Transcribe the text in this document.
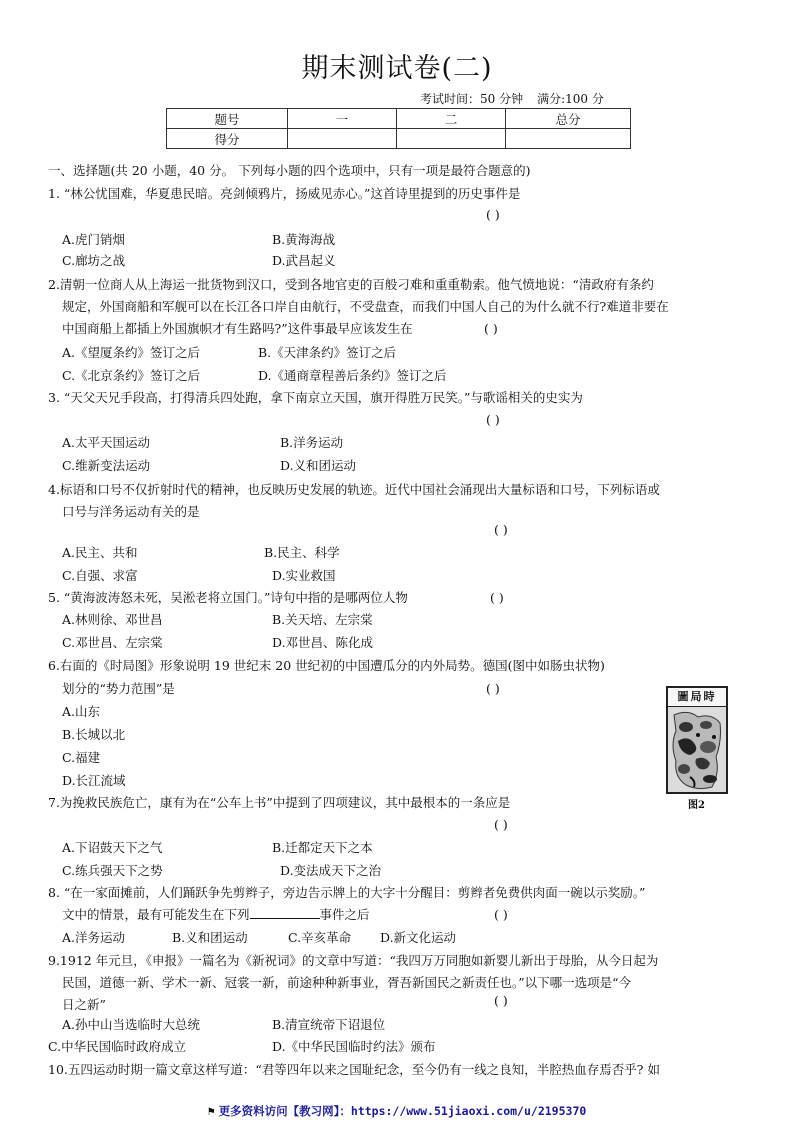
期末测试卷(二)
考试时间：50 分钟 满分:100 分
题号	一	二	总分
得分			
一、选择题(共 20 小题，40 分。 下列每小题的四个选项中，只有一项是最符合题意的)
1. “林公忧国难，华夏患民暗。亮剑倾鸦片，扬威见赤心。”这首诗里提到的历史事件是
( )
A.虎门销烟	B.黄海海战
C.廊坊之战	D.武昌起义
2.清朝一位商人从上海运一批货物到汉口，受到各地官吏的百般刁难和重重勒索。他气愤地说：“清政府有条约
规定，外国商船和军舰可以在长江各口岸自由航行，不受盘查，而我们中国人自己的为什么就不行?难道非要在
中国商船上都插上外国旗帜才有生路吗?”这件事最早应该发生在	( )
A.《望厦条约》签订之后	B.《天津条约》签订之后
C.《北京条约》签订之后	D.《通商章程善后条约》签订之后
3. “天父天兄手段高，打得清兵四处跑，拿下南京立天国，旗开得胜万民笑。”与歌谣相关的史实为
( )
A.太平天国运动	B.洋务运动
C.维新变法运动	D.义和团运动
4.标语和口号不仅折射时代的精神，也反映历史发展的轨迹。近代中国社会涌现出大量标语和口号，下列标语或
口号与洋务运动有关的是
( )
A.民主、共和	B.民主、科学
C.自强、求富	D.实业救国
5. “黄海波涛怒未死，吴淞老将立国门。”诗句中指的是哪两位人物	( )
A.林则徐、邓世昌	B.关天培、左宗棠
C.邓世昌、左宗棠	D.邓世昌、陈化成
6.右面的《时局图》形象说明 19 世纪末 20 世纪初的中国遭瓜分的内外局势。德国(图中如肠虫状物)
划分的“势力范围”是	( )
A.山东
B.长城以北
C.福建
D.长江流域
圖局時
图2
7.为挽救民族危亡，康有为在“公车上书”中提到了四项建议，其中最根本的一条应是
( )
A.下诏鼓天下之气	B.迁都定天下之本
C.练兵强天下之势	D.变法成天下之治
8. “在一家面摊前，人们踊跃争先剪辫子，旁边告示牌上的大字十分醒目：剪辫者免费供肉面一碗以示奖励。”
文中的情景，最有可能发生在下列	事件之后	( )
A.洋务运动	B.义和团运动	C.辛亥革命 D.新文化运动
9.1912 年元旦，《申报》一篇名为《新祝词》的文章中写道：“我四万万同胞如新婴儿新出于母胎，从今日起为
民国，道德一新、学术一新、冠裳一新，前途种种新事业，胥吾新国民之新责任也。”以下哪一选项是“今
日之新”	( )
A.孙中山当选临时大总统	B.清宣统帝下诏退位
C.中华民国临时政府成立	D.《中华民国临时约法》颁布
10.五四运动时期一篇文章这样写道：“君等四年以来之国耻纪念，至今仍有一线之良知，半腔热血存焉否乎? 如
⚑ 更多资料访问【教习网】：https://www.51jiaoxi.com/u/2195370
